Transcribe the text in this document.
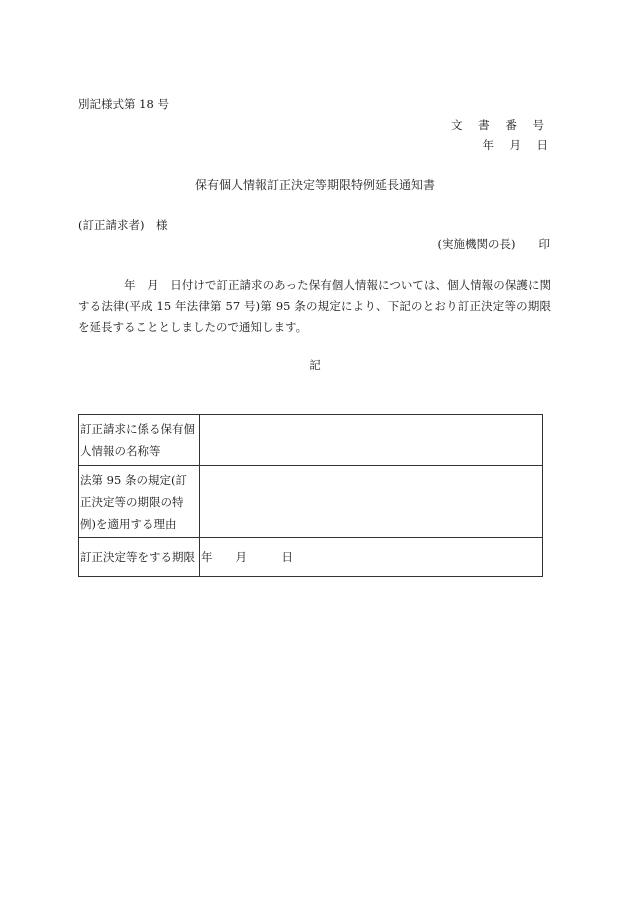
別記様式第 18 号
文 書 番 号
年　月　日
保有個人情報訂正決定等期限特例延長通知書
(訂正請求者)　様
(実施機関の長)　　印
年　月　日付けで訂正請求のあった保有個人情報については、個人情報の保護に関する法律(平成 15 年法律第 57 号)第 95 条の規定により、下記のとおり訂正決定等の期限を延長することとしましたので通知します。
記
訂正請求に係る保有個人情報の名称等	
法第 95 条の規定(訂正決定等の期限の特例)を適用する理由	
訂正決定等をする期限	年　　月　　　日
